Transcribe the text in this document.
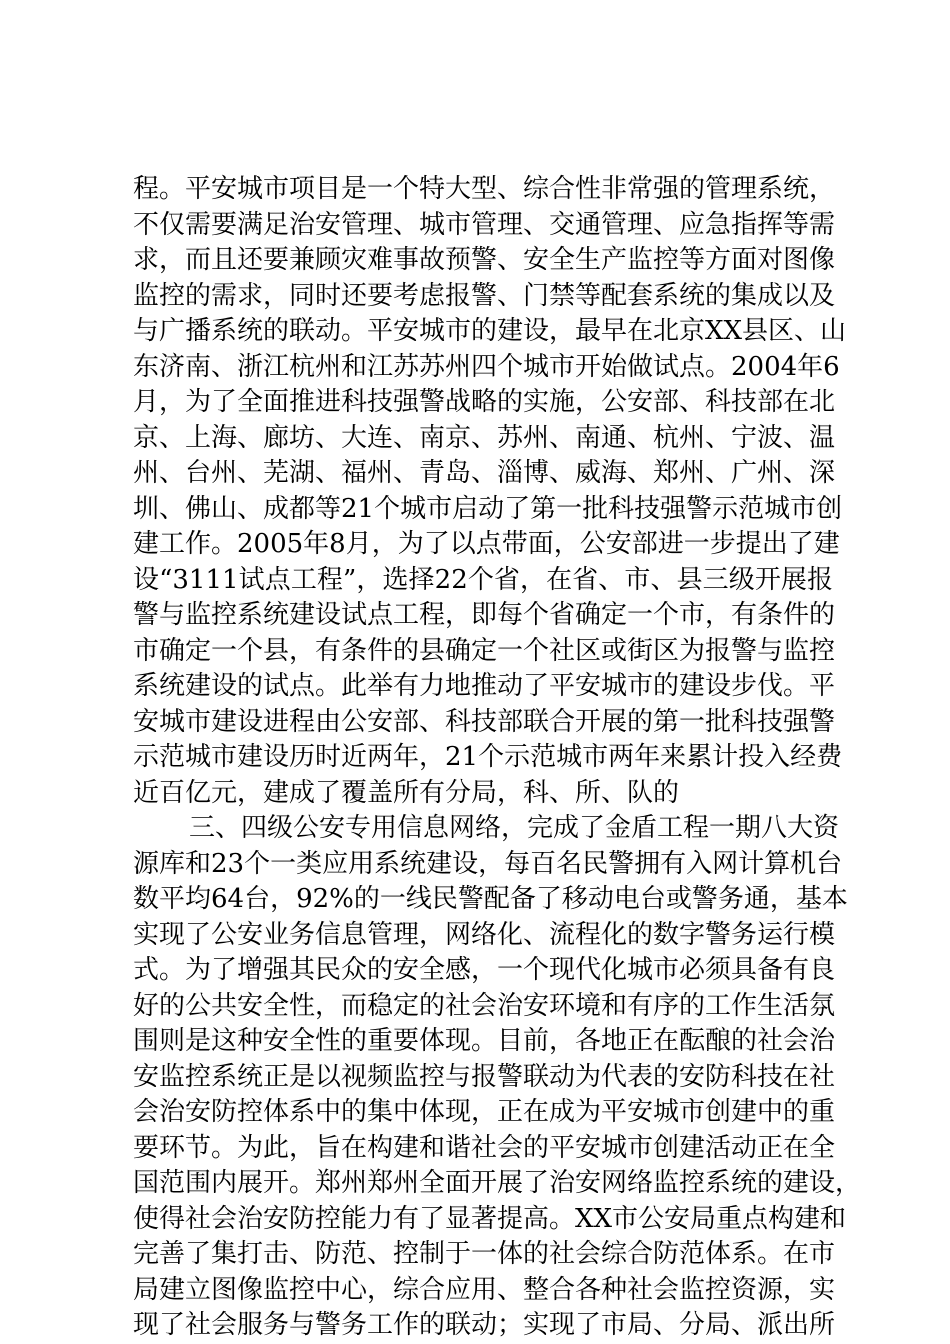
程。平安城市项目是一个特大型、综合性非常强的管理系统，
不仅需要满足治安管理、城市管理、交通管理、应急指挥等需
求，而且还要兼顾灾难事故预警、安全生产监控等方面对图像
监控的需求，同时还要考虑报警、门禁等配套系统的集成以及
与广播系统的联动。平安城市的建设，最早在北京XX县区、山
东济南、浙江杭州和江苏苏州四个城市开始做试点。2004年6
月，为了全面推进科技强警战略的实施，公安部、科技部在北
京、上海、廊坊、大连、南京、苏州、南通、杭州、宁波、温
州、台州、芜湖、福州、青岛、淄博、威海、郑州、广州、深
圳、佛山、成都等21个城市启动了第一批科技强警示范城市创
建工作。2005年8月，为了以点带面，公安部进一步提出了建
设“3111试点工程”，选择22个省，在省、市、县三级开展报
警与监控系统建设试点工程，即每个省确定一个市，有条件的
市确定一个县，有条件的县确定一个社区或街区为报警与监控
系统建设的试点。此举有力地推动了平安城市的建设步伐。平
安城市建设进程由公安部、科技部联合开展的第一批科技强警
示范城市建设历时近两年，21个示范城市两年来累计投入经费
近百亿元，建成了覆盖所有分局，科、所、队的
三、四级公安专用信息网络，完成了金盾工程一期八大资
源库和23个一类应用系统建设，每百名民警拥有入网计算机台
数平均64台，92%的一线民警配备了移动电台或警务通，基本
实现了公安业务信息管理，网络化、流程化的数字警务运行模
式。为了增强其民众的安全感，一个现代化城市必须具备有良
好的公共安全性，而稳定的社会治安环境和有序的工作生活氛
围则是这种安全性的重要体现。目前，各地正在酝酿的社会治
安监控系统正是以视频监控与报警联动为代表的安防科技在社
会治安防控体系中的集中体现，正在成为平安城市创建中的重
要环节。为此，旨在构建和谐社会的平安城市创建活动正在全
国范围内展开。郑州郑州全面开展了治安网络监控系统的建设，
使得社会治安防控能力有了显著提高。XX市公安局重点构建和
完善了集打击、防范、控制于一体的社会综合防范体系。在市
局建立图像监控中心，综合应用、整合各种社会监控资源，实
现了社会服务与警务工作的联动；实现了市局、分局、派出所
